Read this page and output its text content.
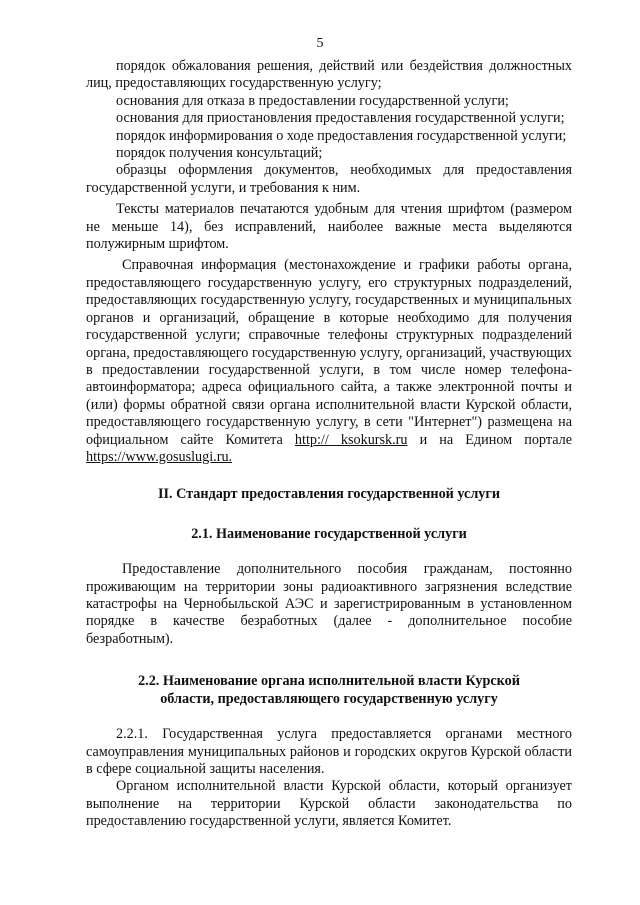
5

порядок обжалования решения, действий или бездействия должностных лиц, предоставляющих государственную услугу;

основания для отказа в предоставлении государственной услуги;

основания для приостановления предоставления государственной услуги;

порядок информирования о ходе предоставления государственной услуги;

порядок получения консультаций;

образцы оформления документов, необходимых для предоставления государственной услуги, и требования к ним.

Тексты материалов печатаются удобным для чтения шрифтом (размером не меньше 14), без исправлений, наиболее важные места выделяются полужирным шрифтом.

Справочная информация (местонахождение и графики работы органа, предоставляющего государственную услугу, его структурных подразделений, предоставляющих государственную услугу, государственных и муниципальных органов и организаций, обращение в которые необходимо для получения государственной услуги; справочные телефоны структурных подразделений органа, предоставляющего государственную услугу, организаций, участвующих в предоставлении государственной услуги, в том числе номер телефона-автоинформатора; адреса официального сайта, а также электронной почты и (или) формы обратной связи органа исполнительной власти Курской области, предоставляющего государственную услугу, в сети "Интернет") размещена на официальном сайте Комитета http:// ksokursk.ru и на Едином портале https://www.gosuslugi.ru.

II. Стандарт предоставления государственной услуги
2.1. Наименование государственной услуги

Предоставление дополнительного пособия гражданам, постоянно проживающим на территории зоны радиоактивного загрязнения вследствие катастрофы на Чернобыльской АЭС и зарегистрированным в установленном порядке в качестве безработных (далее - дополнительное пособие безработным).

2.2. Наименование органа исполнительной власти Курской
области, предоставляющего государственную услугу

2.2.1. Государственная услуга предоставляется органами местного самоуправления муниципальных районов и городских округов Курской области в сфере социальной защиты населения.

Органом исполнительной власти Курской области, который организует выполнение на территории Курской области законодательства по предоставлению государственной услуги, является Комитет.
